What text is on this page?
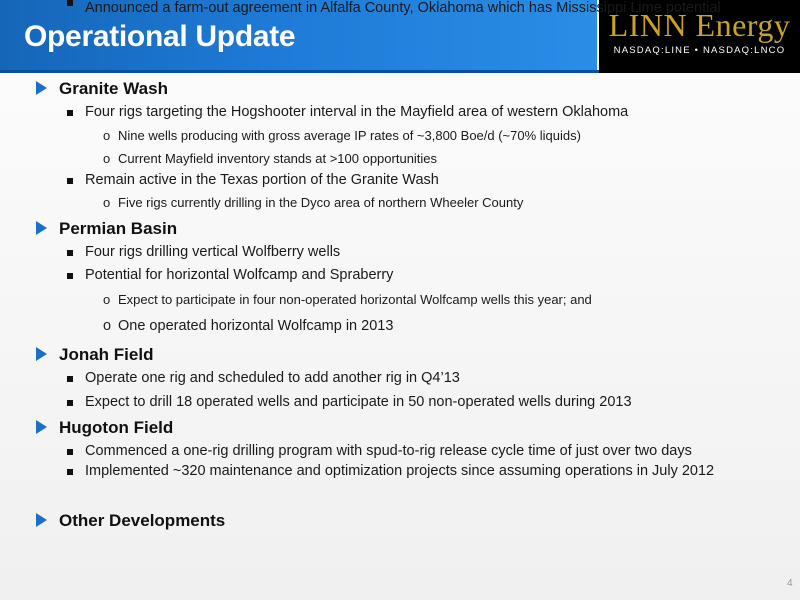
Operational Update	LINN Energy
NASDAQ:LINE • NASDAQ:LNCO
Granite Wash
Four rigs targeting the Hogshooter interval in the Mayfield area of western Oklahoma
o Nine wells producing with gross average IP rates of ~3,800 Boe/d (~70% liquids)
o Current Mayfield inventory stands at >100 opportunities
Remain active in the Texas portion of the Granite Wash
o Five rigs currently drilling in the Dyco area of northern Wheeler County
Permian Basin
Four rigs drilling vertical Wolfberry wells
Potential for horizontal Wolfcamp and Spraberry
o Expect to participate in four non-operated horizontal Wolfcamp wells this year; and
o One operated horizontal Wolfcamp in 2013
Jonah Field
Operate one rig and scheduled to add another rig in Q4’13
Expect to drill 18 operated wells and participate in 50 non-operated wells during 2013
Hugoton Field
Commenced a one-rig drilling program with spud-to-rig release cycle time of just over two days
Implemented ~320 maintenance and optimization projects since assuming operations in July 2012
Other Developments
Announced a farm-out agreement in Alfalfa County, Oklahoma which has Mississippi Lime potential
4
